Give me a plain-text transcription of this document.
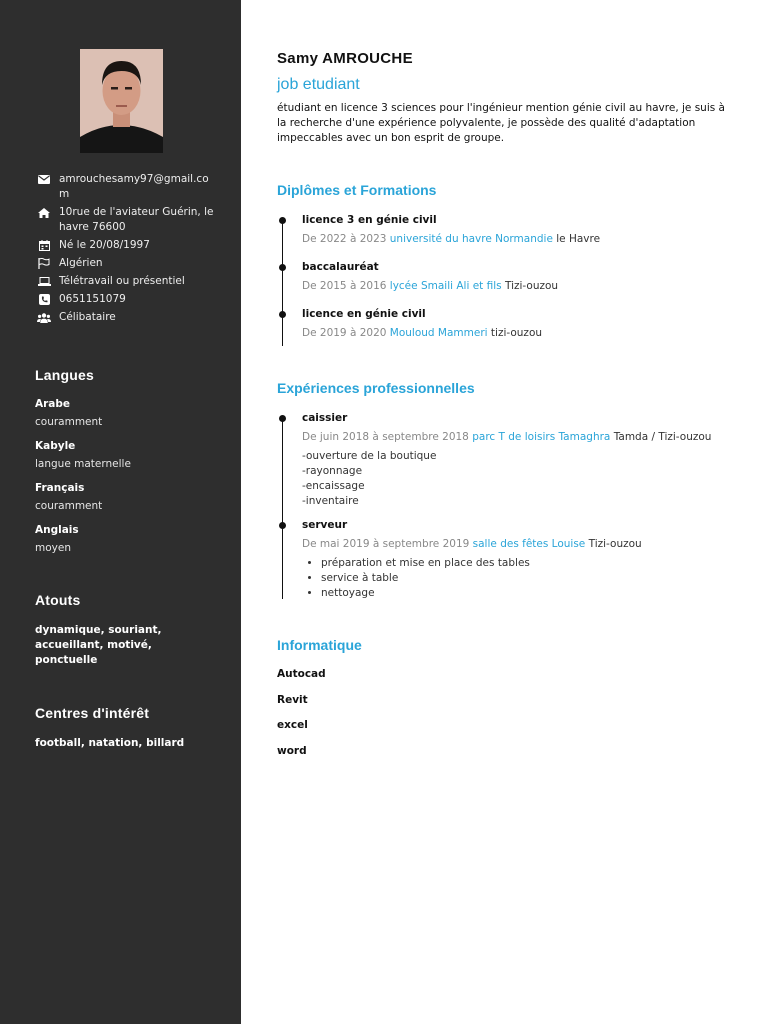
amrouchesamy97@gmail.com
10rue de l'aviateur Guérin, le havre 76600
Né le 20/08/1997
Algérien
Télétravail ou présentiel
0651151079
Célibataire
Langues
Arabe
couramment
Kabyle
langue maternelle
Français
couramment
Anglais
moyen
Atouts
dynamique, souriant, accueillant, motivé, ponctuelle
Centres d'intérêt
football, natation, billard
Samy AMROUCHE
job etudiant
étudiant en licence 3 sciences pour l'ingénieur mention génie civil au havre, je suis à la recherche d'une expérience polyvalente, je possède des qualité d'adaptation impeccables avec un bon esprit de groupe.
Diplômes et Formations
licence 3 en génie civil
De 2022 à 2023 université du havre Normandie le Havre
baccalauréat
De 2015 à 2016 lycée Smaili Ali et fils Tizi-ouzou
licence en génie civil
De 2019 à 2020 Mouloud Mammeri tizi-ouzou
Expériences professionnelles
caissier
De juin 2018 à septembre 2018 parc T de loisirs Tamaghra Tamda / Tizi-ouzou
-ouverture de la boutique
-rayonnage
-encaissage
-inventaire
serveur
De mai 2019 à septembre 2019 salle des fêtes Louise Tizi-ouzou
• préparation et mise en place des tables
• service à table
• nettoyage
Informatique
Autocad
Revit
excel
word
